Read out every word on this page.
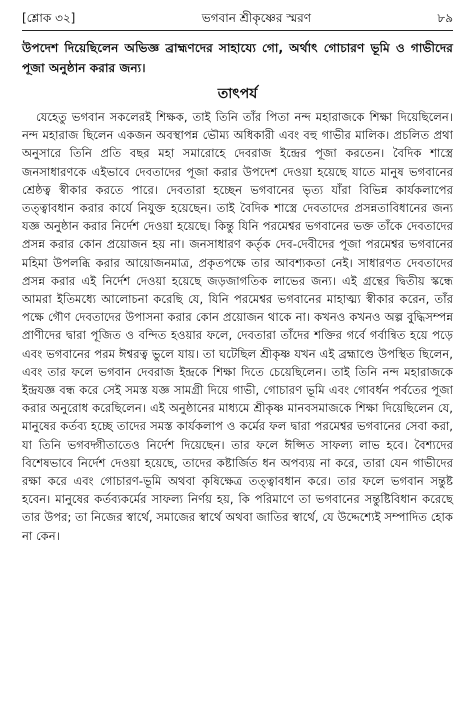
[শ্লোক ৩২]	ভগবান শ্রীকৃষ্ণের স্মরণ	৮৯

উপদেশ দিয়েছিলেন অভিজ্ঞ ব্রাহ্মণদের সাহায্যে গো, অর্থাৎ গোচারণ ভূমি ও গাভীদের পূজা অনুষ্ঠান করার জন্য।

তাৎপর্য

যেহেতু ভগবান সকলেরই শিক্ষক, তাই তিনি তাঁর পিতা নন্দ মহারাজকে শিক্ষা দিয়েছিলেন। নন্দ মহারাজ ছিলেন একজন অবস্থাপন্ন ভৌম্য অধিকারী এবং বহু গাভীর মালিক। প্রচলিত প্রথা অনুসারে তিনি প্রতি বছর মহা সমারোহে দেবরাজ ইন্দ্রের পূজা করতেন। বৈদিক শাস্ত্রে জনসাধারণকে এইভাবে দেবতাদের পূজা করার উপদেশ দেওয়া হয়েছে যাতে মানুষ ভগবানের শ্রেষ্ঠত্ব স্বীকার করতে পারে। দেবতারা হচ্ছেন ভগবানের ভৃত্য যাঁরা বিভিন্ন কার্যকলাপের তত্ত্বাবধান করার কার্যে নিযুক্ত হয়েছেন। তাই বৈদিক শাস্ত্রে দেবতাদের প্রসন্নতাবিধানের জন্য যজ্ঞ অনুষ্ঠান করার নির্দেশ দেওয়া হয়েছে। কিন্তু যিনি পরমেশ্বর ভগবানের ভক্ত তাঁকে দেবতাদের প্রসন্ন করার কোন প্রয়োজন হয় না। জনসাধারণ কর্তৃক দেব-দেবীদের পূজা পরমেশ্বর ভগবানের মহিমা উপলব্ধি করার আয়োজনমাত্র, প্রকৃতপক্ষে তার আবশ্যকতা নেই। সাধারণত দেবতাদের প্রসন্ন করার এই নির্দেশ দেওয়া হয়েছে জড়জাগতিক লাভের জন্য। এই গ্রন্থের দ্বিতীয় স্কন্ধে আমরা ইতিমধ্যে আলোচনা করেছি যে, যিনি পরমেশ্বর ভগবানের মাহাত্ম্য স্বীকার করেন, তাঁর পক্ষে গৌণ দেবতাদের উপাসনা করার কোন প্রয়োজন থাকে না। কখনও কখনও অল্প বুদ্ধিসম্পন্ন প্রাণীদের দ্বারা পূজিত ও বন্দিত হওয়ার ফলে, দেবতারা তাঁদের শক্তির গর্বে গর্বান্বিত হয়ে পড়ে এবং ভগবানের পরম ঈশ্বরত্ব ভুলে যায়। তা ঘটেছিল শ্রীকৃষ্ণ যখন এই ব্রহ্মাণ্ডে উপস্থিত ছিলেন, এবং তার ফলে ভগবান দেবরাজ ইন্দ্রকে শিক্ষা দিতে চেয়েছিলেন। তাই তিনি নন্দ মহারাজকে ইন্দ্রযজ্ঞ বন্ধ করে সেই সমস্ত যজ্ঞ সামগ্রী দিয়ে গাভী, গোচারণ ভূমি এবং গোবর্ধন পর্বতের পূজা করার অনুরোধ করেছিলেন। এই অনুষ্ঠানের মাধ্যমে শ্রীকৃষ্ণ মানবসমাজকে শিক্ষা দিয়েছিলেন যে, মানুষের কর্তব্য হচ্ছে তাদের সমস্ত কার্যকলাপ ও কর্মের ফল দ্বারা পরমেশ্বর ভগবানের সেবা করা, যা তিনি ভগবদ্গীতাতেও নির্দেশ দিয়েছেন। তার ফলে ঈপ্সিত সাফল্য লাভ হবে। বৈশ্যদের বিশেষভাবে নির্দেশ দেওয়া হয়েছে, তাদের কষ্টার্জিত ধন অপব্যয় না করে, তারা যেন গাভীদের রক্ষা করে এবং গোচারণ-ভূমি অথবা কৃষিক্ষেত্র তত্ত্বাবধান করে। তার ফলে ভগবান সন্তুষ্ট হবেন। মানুষের কর্তব্যকর্মের সাফল্য নির্ণয় হয়, কি পরিমাণে তা ভগবানের সন্তুষ্টিবিধান করেছে তার উপর; তা নিজের স্বার্থে, সমাজের স্বার্থে অথবা জাতির স্বার্থে, যে উদ্দেশ্যেই সম্পাদিত হোক না কেন।
